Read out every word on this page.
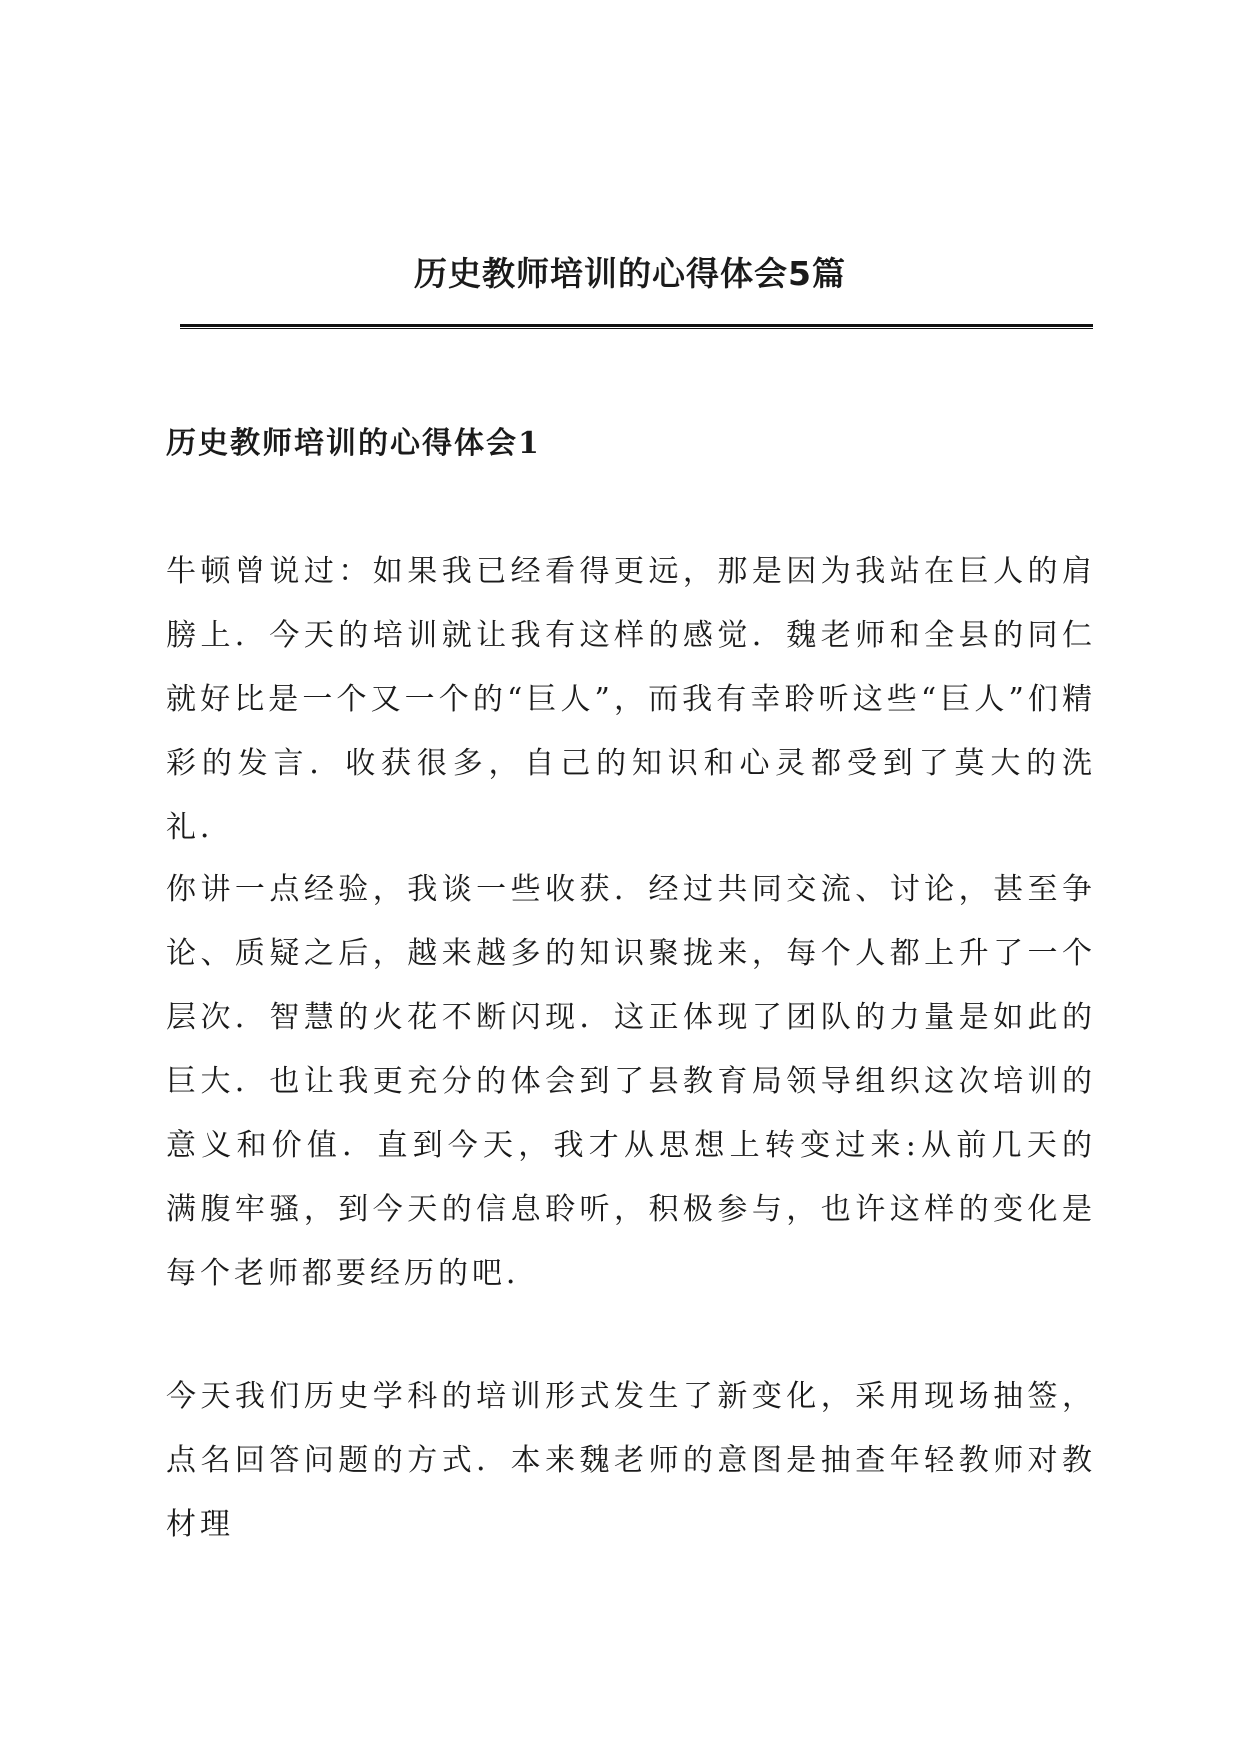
历史教师培训的心得体会5篇
历史教师培训的心得体会1

牛顿曾说过：如果我已经看得更远，那是因为我站在巨人的肩膀上．今天的培训就让我有这样的感觉．魏老师和全县的同仁就好比是一个又一个的“巨人”，而我有幸聆听这些“巨人”们精彩的发言．收获很多，自己的知识和心灵都受到了莫大的洗礼．

你讲一点经验，我谈一些收获．经过共同交流、讨论，甚至争论、质疑之后，越来越多的知识聚拢来，每个人都上升了一个层次．智慧的火花不断闪现．这正体现了团队的力量是如此的巨大．也让我更充分的体会到了县教育局领导组织这次培训的意义和价值．直到今天，我才从思想上转变过来:从前几天的满腹牢骚，到今天的信息聆听，积极参与，也许这样的变化是每个老师都要经历的吧．

今天我们历史学科的培训形式发生了新变化，采用现场抽签，点名回答问题的方式．本来魏老师的意图是抽查年轻教师对教材理
